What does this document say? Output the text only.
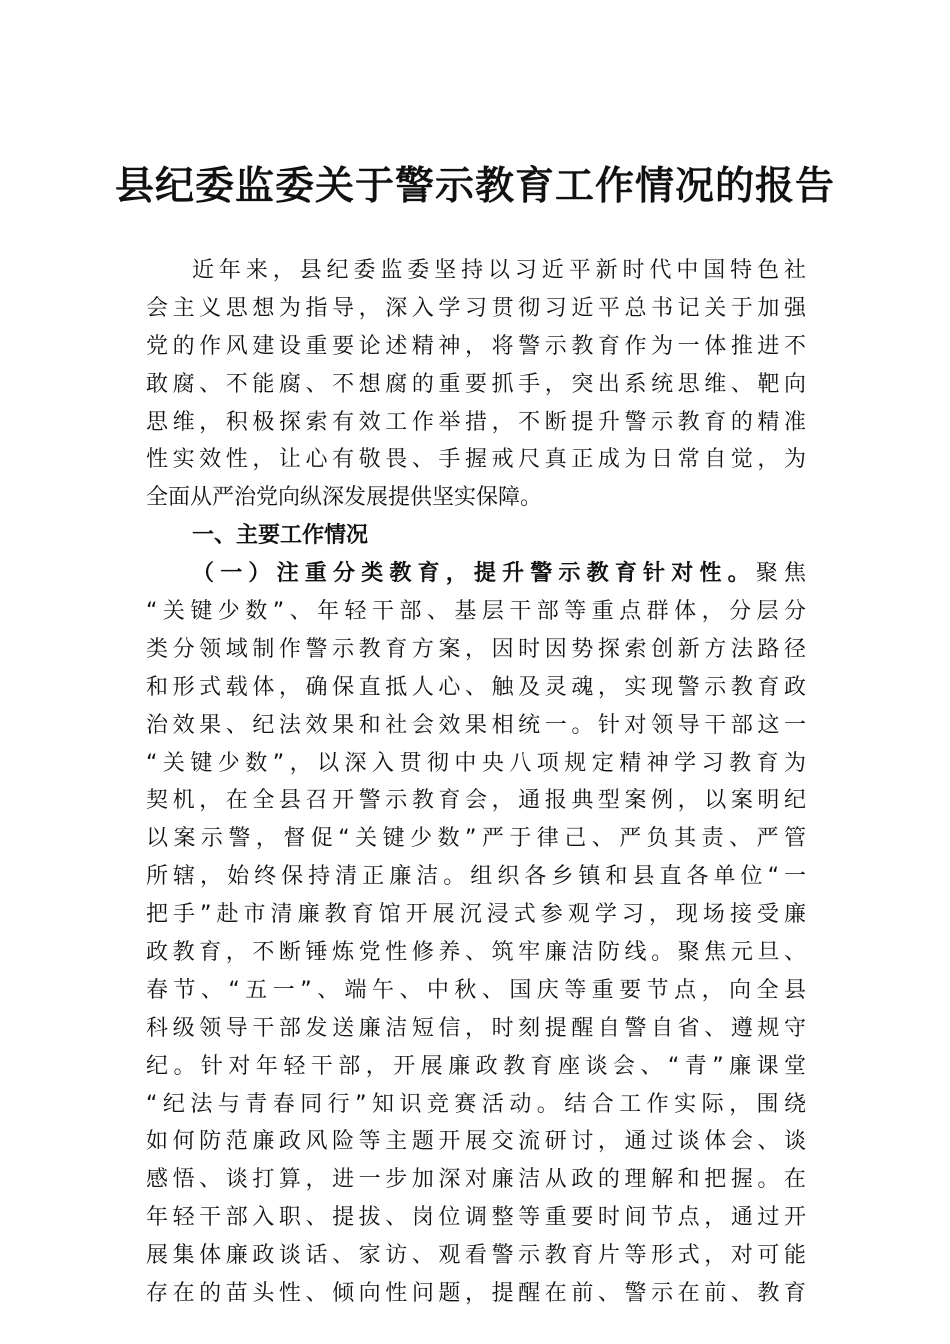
县纪委监委关于警示教育工作情况的报告
近年来，县纪委监委坚持以习近平新时代中国特色社
会主义思想为指导，深入学习贯彻习近平总书记关于加强
党的作风建设重要论述精神，将警示教育作为一体推进不
敢腐、不能腐、不想腐的重要抓手，突出系统思维、靶向
思维，积极探索有效工作举措，不断提升警示教育的精准
性实效性，让心有敬畏、手握戒尺真正成为日常自觉，为
全面从严治党向纵深发展提供坚实保障。
一、主要工作情况
（一）注重分类教育，提升警示教育针对性。聚焦
“关键少数”、年轻干部、基层干部等重点群体，分层分
类分领域制作警示教育方案，因时因势探索创新方法路径
和形式载体，确保直抵人心、触及灵魂，实现警示教育政
治效果、纪法效果和社会效果相统一。针对领导干部这一
“关键少数”，以深入贯彻中央八项规定精神学习教育为
契机，在全县召开警示教育会，通报典型案例，以案明纪
以案示警，督促“关键少数”严于律己、严负其责、严管
所辖，始终保持清正廉洁。组织各乡镇和县直各单位“一
把手”赴市清廉教育馆开展沉浸式参观学习，现场接受廉
政教育，不断锤炼党性修养、筑牢廉洁防线。聚焦元旦、
春节、“五一”、端午、中秋、国庆等重要节点，向全县
科级领导干部发送廉洁短信，时刻提醒自警自省、遵规守
纪。针对年轻干部，开展廉政教育座谈会、“青”廉课堂
“纪法与青春同行”知识竞赛活动。结合工作实际，围绕
如何防范廉政风险等主题开展交流研讨，通过谈体会、谈
感悟、谈打算，进一步加深对廉洁从政的理解和把握。在
年轻干部入职、提拔、岗位调整等重要时间节点，通过开
展集体廉政谈话、家访、观看警示教育片等形式，对可能
存在的苗头性、倾向性问题，提醒在前、警示在前、教育
